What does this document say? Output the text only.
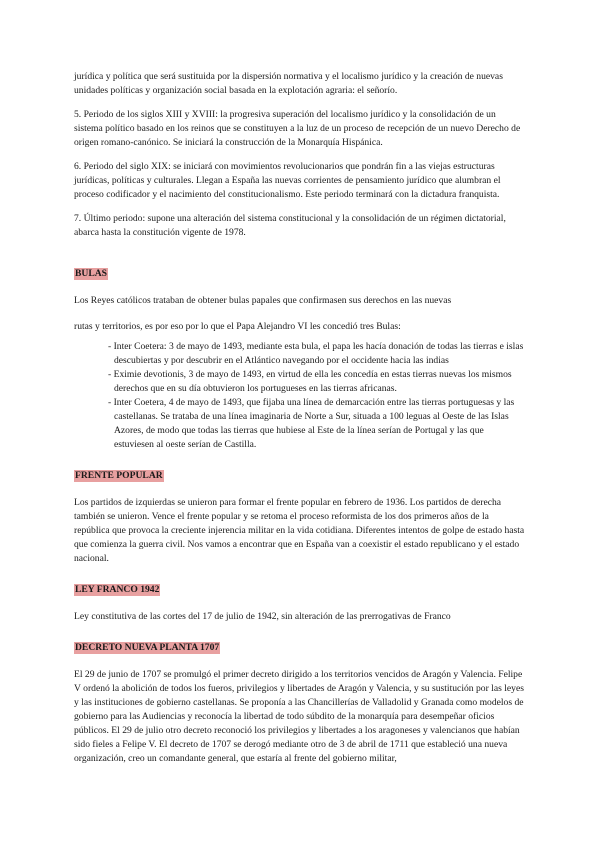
jurídica y política que será sustituida por la dispersión normativa y el localismo jurídico y la creación de nuevas unidades políticas y organización social basada en la explotación agraria: el señorío.

5. Periodo de los siglos XIII y XVIII: la progresiva superación del localismo jurídico y la consolidación de un sistema político basado en los reinos que se constituyen a la luz de un proceso de recepción de un nuevo Derecho de origen romano-canónico. Se iniciará la construcción de la Monarquía Hispánica.

6. Periodo del siglo XIX: se iniciará con movimientos revolucionarios que pondrán fin a las viejas estructuras jurídicas, políticas y culturales. Llegan a España las nuevas corrientes de pensamiento jurídico que alumbran el proceso codificador y el nacimiento del constitucionalismo. Este periodo terminará con la dictadura franquista.

7. Último periodo: supone una alteración del sistema constitucional y la consolidación de un régimen dictatorial, abarca hasta la constitución vigente de 1978.

BULAS

Los Reyes católicos trataban de obtener bulas papales que confirmasen sus derechos en las nuevas

rutas y territorios, es por eso por lo que el Papa Alejandro VI les concedió tres Bulas:

- Inter Coetera: 3 de mayo de 1493, mediante esta bula, el papa les hacía donación de todas las tierras e islas descubiertas y por descubrir en el Atlántico navegando por el occidente hacia las indias
- Eximie devotionis, 3 de mayo de 1493, en virtud de ella les concedía en estas tierras nuevas los mismos derechos que en su día obtuvieron los portugueses en las tierras africanas.
- Inter Coetera, 4 de mayo de 1493, que fijaba una línea de demarcación entre las tierras portuguesas y las castellanas. Se trataba de una línea imaginaria de Norte a Sur, situada a 100 leguas al Oeste de las Islas Azores, de modo que todas las tierras que hubiese al Este de la línea serían de Portugal y las que estuviesen al oeste serían de Castilla.
FRENTE POPULAR

Los partidos de izquierdas se unieron para formar el frente popular en febrero de 1936. Los partidos de derecha también se unieron. Vence el frente popular y se retoma el proceso reformista de los dos primeros años de la república que provoca la creciente injerencia militar en la vida cotidiana. Diferentes intentos de golpe de estado hasta que comienza la guerra civil. Nos vamos a encontrar que en España van a coexistir el estado republicano y el estado nacional.

LEY FRANCO 1942

Ley constitutiva de las cortes del 17 de julio de 1942, sin alteración de las prerrogativas de Franco

DECRETO NUEVA PLANTA 1707

El 29 de junio de 1707 se promulgó el primer decreto dirigido a los territorios vencidos de Aragón y Valencia. Felipe V ordenó la abolición de todos los fueros, privilegios y libertades de Aragón y Valencia, y su sustitución por las leyes y las instituciones de gobierno castellanas. Se proponía a las Chancillerías de Valladolid y Granada como modelos de gobierno para las Audiencias y reconocía la libertad de todo súbdito de la monarquía para desempeñar oficios públicos. El 29 de julio otro decreto reconoció los privilegios y libertades a los aragoneses y valencianos que habían sido fieles a Felipe V. El decreto de 1707 se derogó mediante otro de 3 de abril de 1711 que estableció una nueva organización, creo un comandante general, que estaría al frente del gobierno militar,
